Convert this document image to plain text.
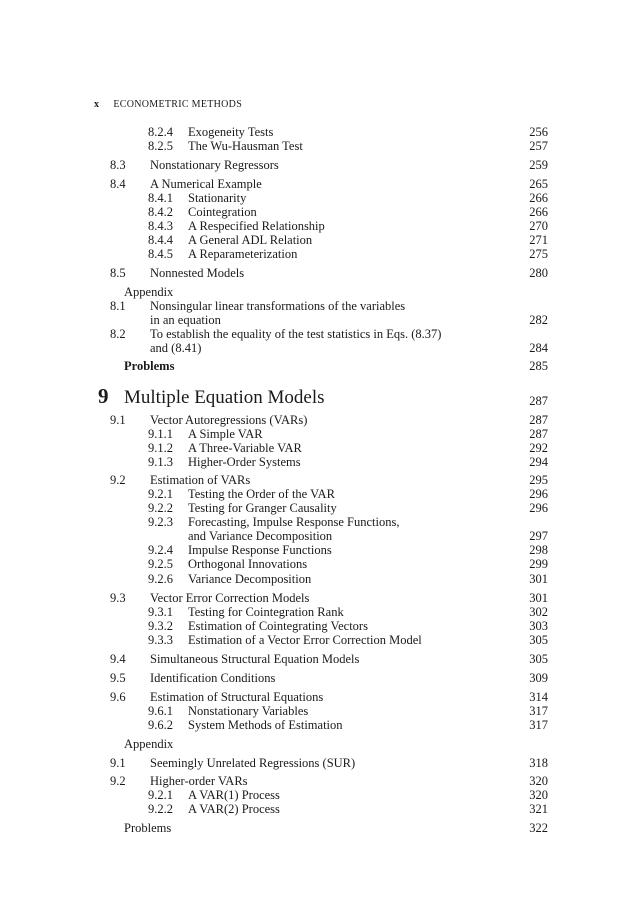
x ECONOMETRIC METHODS
8.2.4 Exogeneity Tests	256
8.2.5 The Wu-Hausman Test	257
8.3 Nonstationary Regressors	259
8.4 A Numerical Example	265
8.4.1 Stationarity	266
8.4.2 Cointegration	266
8.4.3 A Respecified Relationship	270
8.4.4 A General ADL Relation	271
8.4.5 A Reparameterization	275
8.5 Nonnested Models	280
Appendix
8.1 Nonsingular linear transformations of the variables
in an equation	282
8.2 To establish the equality of the test statistics in Eqs. (8.37)
and (8.41)	284
Problems	285
9 Multiple Equation Models	287
9.1 Vector Autoregressions (VARs)	287
9.1.1 A Simple VAR	287
9.1.2 A Three-Variable VAR	292
9.1.3 Higher-Order Systems	294
9.2 Estimation of VARs	295
9.2.1 Testing the Order of the VAR	296
9.2.2 Testing for Granger Causality	296
9.2.3 Forecasting, Impulse Response Functions,
and Variance Decomposition	297
9.2.4 Impulse Response Functions	298
9.2.5 Orthogonal Innovations	299
9.2.6 Variance Decomposition	301
9.3 Vector Error Correction Models	301
9.3.1 Testing for Cointegration Rank	302
9.3.2 Estimation of Cointegrating Vectors	303
9.3.3 Estimation of a Vector Error Correction Model	305
9.4 Simultaneous Structural Equation Models	305
9.5 Identification Conditions	309
9.6 Estimation of Structural Equations	314
9.6.1 Nonstationary Variables	317
9.6.2 System Methods of Estimation	317
Appendix
9.1 Seemingly Unrelated Regressions (SUR)	318
9.2 Higher-order VARs	320
9.2.1 A VAR(1) Process	320
9.2.2 A VAR(2) Process	321
Problems	322
